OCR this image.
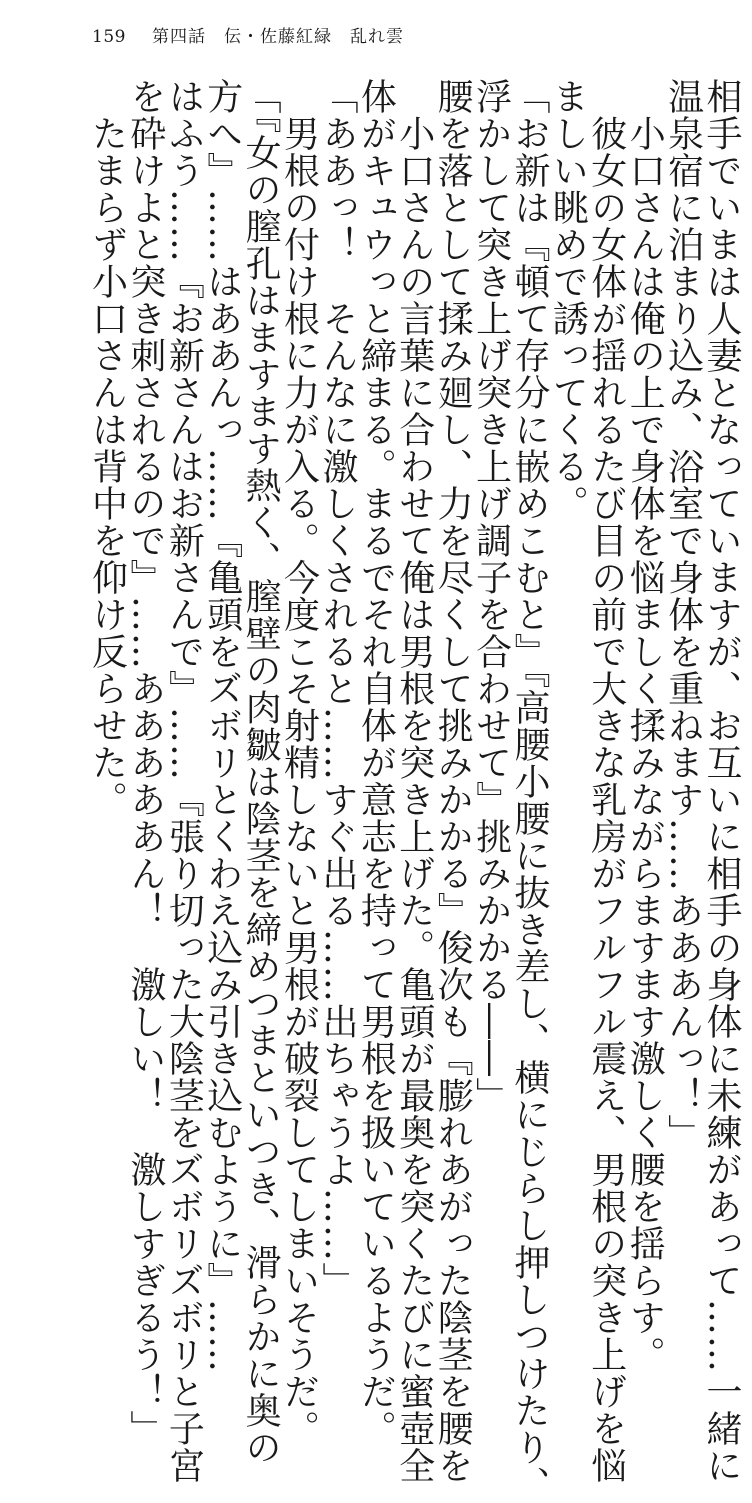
159 第四話　伝・佐藤紅緑　乱れ雲
相手でいまは人妻となっていますが、お互いに相手の身体に未練があって……一緒に
温泉宿に泊まり込み、浴室で身体を重ねます……あああんっ！」
　小口さんは俺の上で身体を悩ましく揉みながらますます激しく腰を揺らす。
　彼女の女体が揺れるたび目の前で大きな乳房がフルフル震え、男根の突き上げを悩
ましい眺めで誘ってくる。
「お新は『頓て存分に嵌めこむと』『高腰小腰に抜き差し、横にじらし押しつけたり、
浮かして突き上げ突き上げ調子を合わせて』挑みかかる――」
腰を落として揉み廻し、力を尽くして挑みかかる』俊次も『膨れあがった陰茎を腰を
　小口さんの言葉に合わせて俺は男根を突き上げた。亀頭が最奥を突くたびに蜜壺全
体がキュウっと締まる。まるでそれ自体が意志を持って男根を扱いているようだ。
「ああっ！　そんなに激しくされると……すぐ出る……出ちゃうよ……」
　男根の付け根に力が入る。今度こそ射精しないと男根が破裂してしまいそうだ。
「『女の膣孔はますます熱く、膣壁の肉皺は陰茎を締めつまといつき、滑らかに奥の
方へ』……はああんっ……『亀頭をズボリとくわえ込み引き込むように』……
はふう……『お新さんはお新さんで』……『張り切った大陰茎をズボリズボリと子宮
を砕けよと突き刺されるので』……あああああん！　激しい！　激しすぎるう！」
　たまらず小口さんは背中を仰け反らせた。
